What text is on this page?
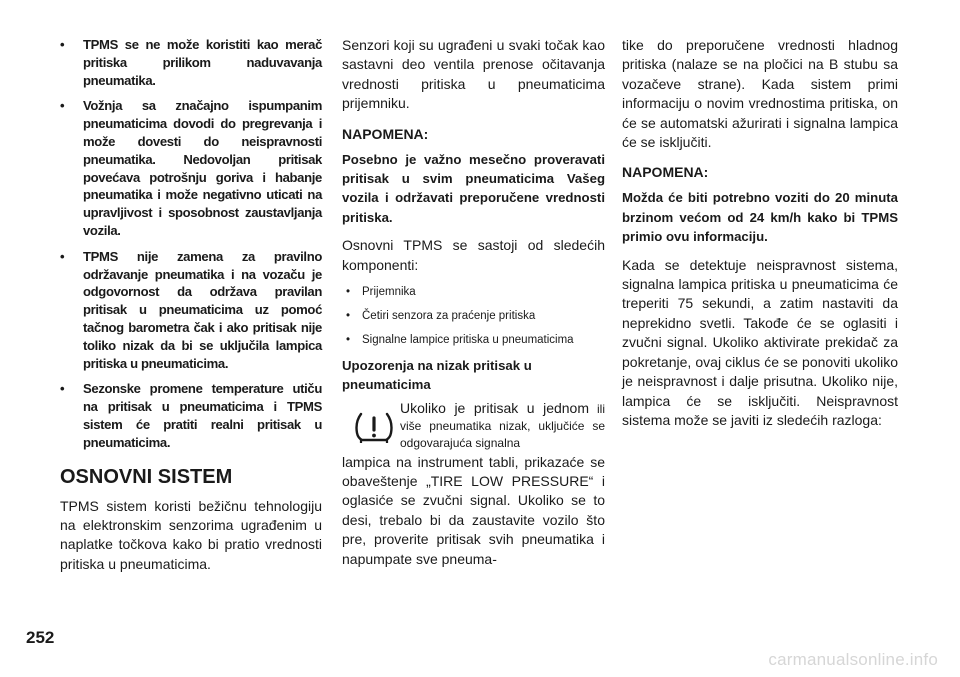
• TPMS se ne može koristiti kao merač pritiska prilikom naduvavanja pneumatika.
• Vožnja sa značajno ispumpanim pneumaticima dovodi do pregrevanja i može dovesti do neispravnosti pneumatika. Nedovoljan pritisak povećava potrošnju goriva i habanje pneumatika i može negativno uticati na upravljivost i sposobnost zaustavljanja vozila.
• TPMS nije zamena za pravilno održavanje pneumatika i na vozaču je odgovornost da održava pravilan pritisak u pneumaticima uz pomoć tačnog barometra čak i ako pritisak nije toliko nizak da bi se uključila lampica pritiska u pneumaticima.
• Sezonske promene temperature utiču na pritisak u pneumaticima i TPMS sistem će pratiti realni pritisak u pneumaticima.
OSNOVNI SISTEM

TPMS sistem koristi bežičnu tehnologiju na elektronskim senzorima ugrađenim u naplatke točkova kako bi pratio vrednosti pritiska u pneumaticima.

Senzori koji su ugrađeni u svaki točak kao sastavni deo ventila prenose očitavanja vrednosti pritiska u pneumaticima prijemniku.

NAPOMENA:

Posebno je važno mesečno proveravati pritisak u svim pneumaticima Vašeg vozila i održavati preporučene vrednosti pritiska.

Osnovni TPMS se sastoji od sledećih komponenti:

• Prijemnika
• Četiri senzora za praćenje pritiska
• Signalne lampice pritiska u pneumaticima
Upozorenja na nizak pritisak u pneumaticima

Ukoliko je pritisak u jednom ili više pneumatika nizak, uključiće se odgovarajuća signalna

lampica na instrument tabli, prikazaće se obaveštenje „TIRE LOW PRESSURE“ i oglasiće se zvučni signal. Ukoliko se to desi, trebalo bi da zaustavite vozilo što pre, proverite pritisak svih pneumatika i napumpate sve pneuma-

tike do preporučene vrednosti hladnog pritiska (nalaze se na pločici na B stubu sa vozačeve strane). Kada sistem primi informaciju o novim vrednostima pritiska, on će se automatski ažurirati i signalna lampica će se isključiti.

NAPOMENA:

Možda će biti potrebno voziti do 20 minuta brzinom većom od 24 km/h kako bi TPMS primio ovu informaciju.

Kada se detektuje neispravnost sistema, signalna lampica pritiska u pneumaticima će treperiti 75 sekundi, a zatim nastaviti da neprekidno svetli. Takođe će se oglasiti i zvučni signal. Ukoliko aktivirate prekidač za pokretanje, ovaj ciklus će se ponoviti ukoliko je neispravnost i dalje prisutna. Ukoliko nije, lampica će se isključiti. Neispravnost sistema može se javiti iz sledećih razloga:

252
carmanualsonline.info
